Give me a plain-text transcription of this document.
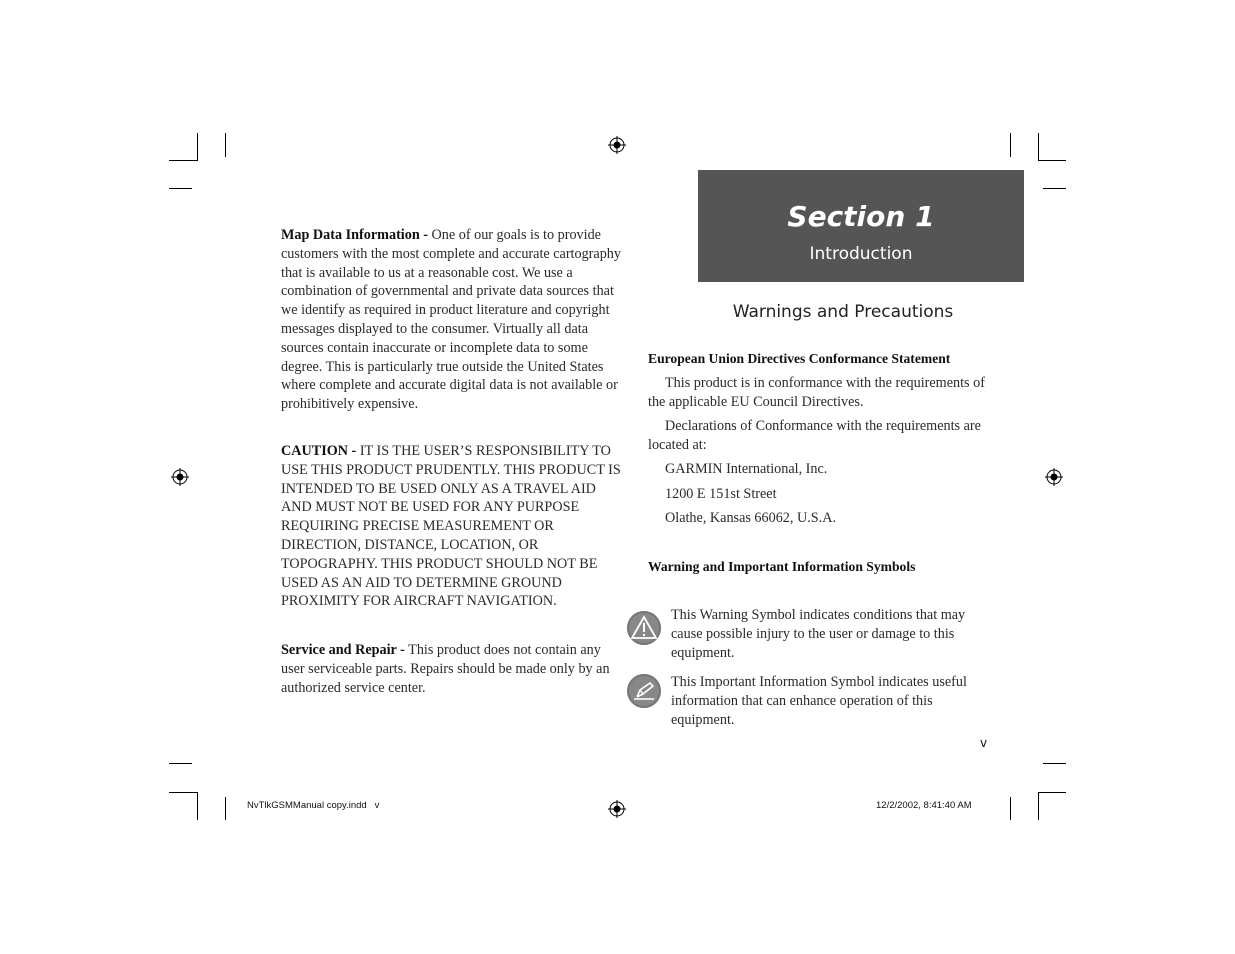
Map Data Information - One of our goals is to provide customers with the most complete and accurate cartography that is available to us at a reasonable cost. We use a combination of governmental and private data sources that we identify as required in product literature and copyright messages displayed to the consumer. Virtually all data sources contain inaccurate or incomplete data to some degree. This is particularly true outside the United States where complete and accurate digital data is not available or prohibitively expensive.

CAUTION - IT IS THE USER’S RESPONSIBILITY TO USE THIS PRODUCT PRUDENTLY. THIS PRODUCT IS INTENDED TO BE USED ONLY AS A TRAVEL AID AND MUST NOT BE USED FOR ANY PURPOSE REQUIRING PRECISE MEASUREMENT OR DIRECTION, DISTANCE, LOCATION, OR TOPOGRAPHY. THIS PRODUCT SHOULD NOT BE USED AS AN AID TO DETERMINE GROUND PROXIMITY FOR AIRCRAFT NAVIGATION.

Service and Repair - This product does not contain any user serviceable parts. Repairs should be made only by an authorized service center.

Section 1
Introduction
Warnings and Precautions
European Union Directives Conformance Statement
This product is in conformance with the requirements of the applicable EU Council Directives.
Declarations of Conformance with the requirements are located at:
GARMIN International, Inc.
1200 E 151st Street
Olathe, Kansas 66062, U.S.A.
Warning and Important Information Symbols
This Warning Symbol indicates conditions that may cause possible injury to the user or damage to this equipment.
This Important Information Symbol indicates useful information that can enhance operation of this equipment.
v
NvTlkGSMManual copy.indd   v	12/2/2002, 8:41:40 AM
